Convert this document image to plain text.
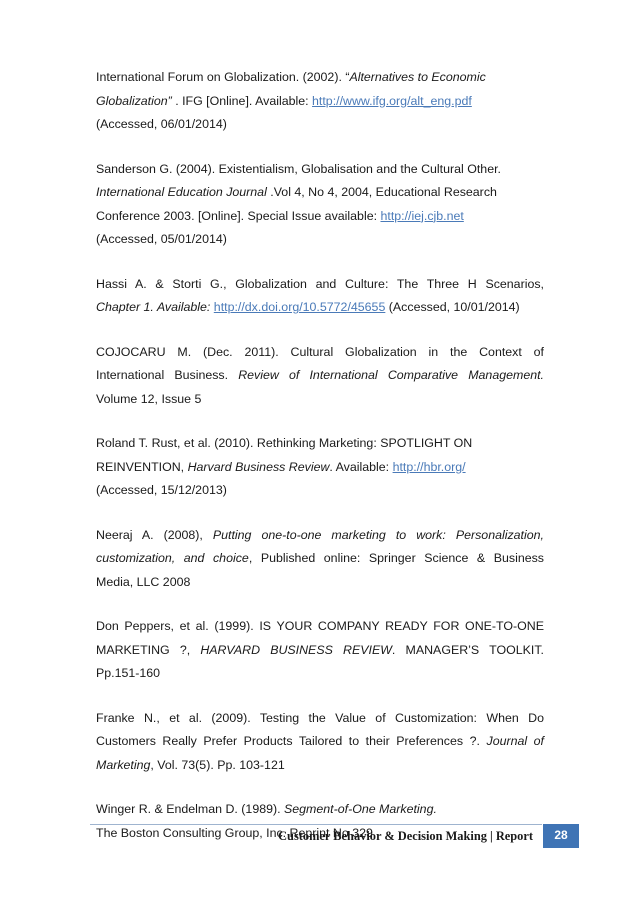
International Forum on Globalization. (2002). “Alternatives to Economic
Globalization” . IFG [Online]. Available: http://www.ifg.org/alt_eng.pdf
(Accessed, 06/01/2014)
Sanderson G. (2004). Existentialism, Globalisation and the Cultural Other.
International Education Journal .Vol 4, No 4, 2004, Educational Research
Conference 2003. [Online]. Special Issue available: http://iej.cjb.net
(Accessed, 05/01/2014)
Hassi A. & Storti G., Globalization and Culture: The Three H Scenarios,
Chapter 1. Available: http://dx.doi.org/10.5772/45655 (Accessed, 10/01/2014)
COJOCARU M. (Dec. 2011). Cultural Globalization in the Context of
International Business. Review of International Comparative Management.
Volume 12, Issue 5
Roland T. Rust, et al. (2010). Rethinking Marketing: SPOTLIGHT ON
REINVENTION, Harvard Business Review. Available: http://hbr.org/
(Accessed, 15/12/2013)
Neeraj A. (2008), Putting one-to-one marketing to work: Personalization,
customization, and choice, Published online: Springer Science & Business
Media, LLC 2008
Don Peppers, et al. (1999). IS YOUR COMPANY READY FOR ONE-TO-ONE
MARKETING ?, HARVARD BUSINESS REVIEW. MANAGER’S TOOLKIT.
Pp.151-160
Franke N., et al. (2009). Testing the Value of Customization: When Do
Customers Really Prefer Products Tailored to their Preferences ?. Journal of
Marketing, Vol. 73(5). Pp. 103-121
Winger R. & Endelman D. (1989). Segment-of-One Marketing.
The Boston Consulting Group, Inc. Reprint No 329
Customer Behavior & Decision Making | Report	28
